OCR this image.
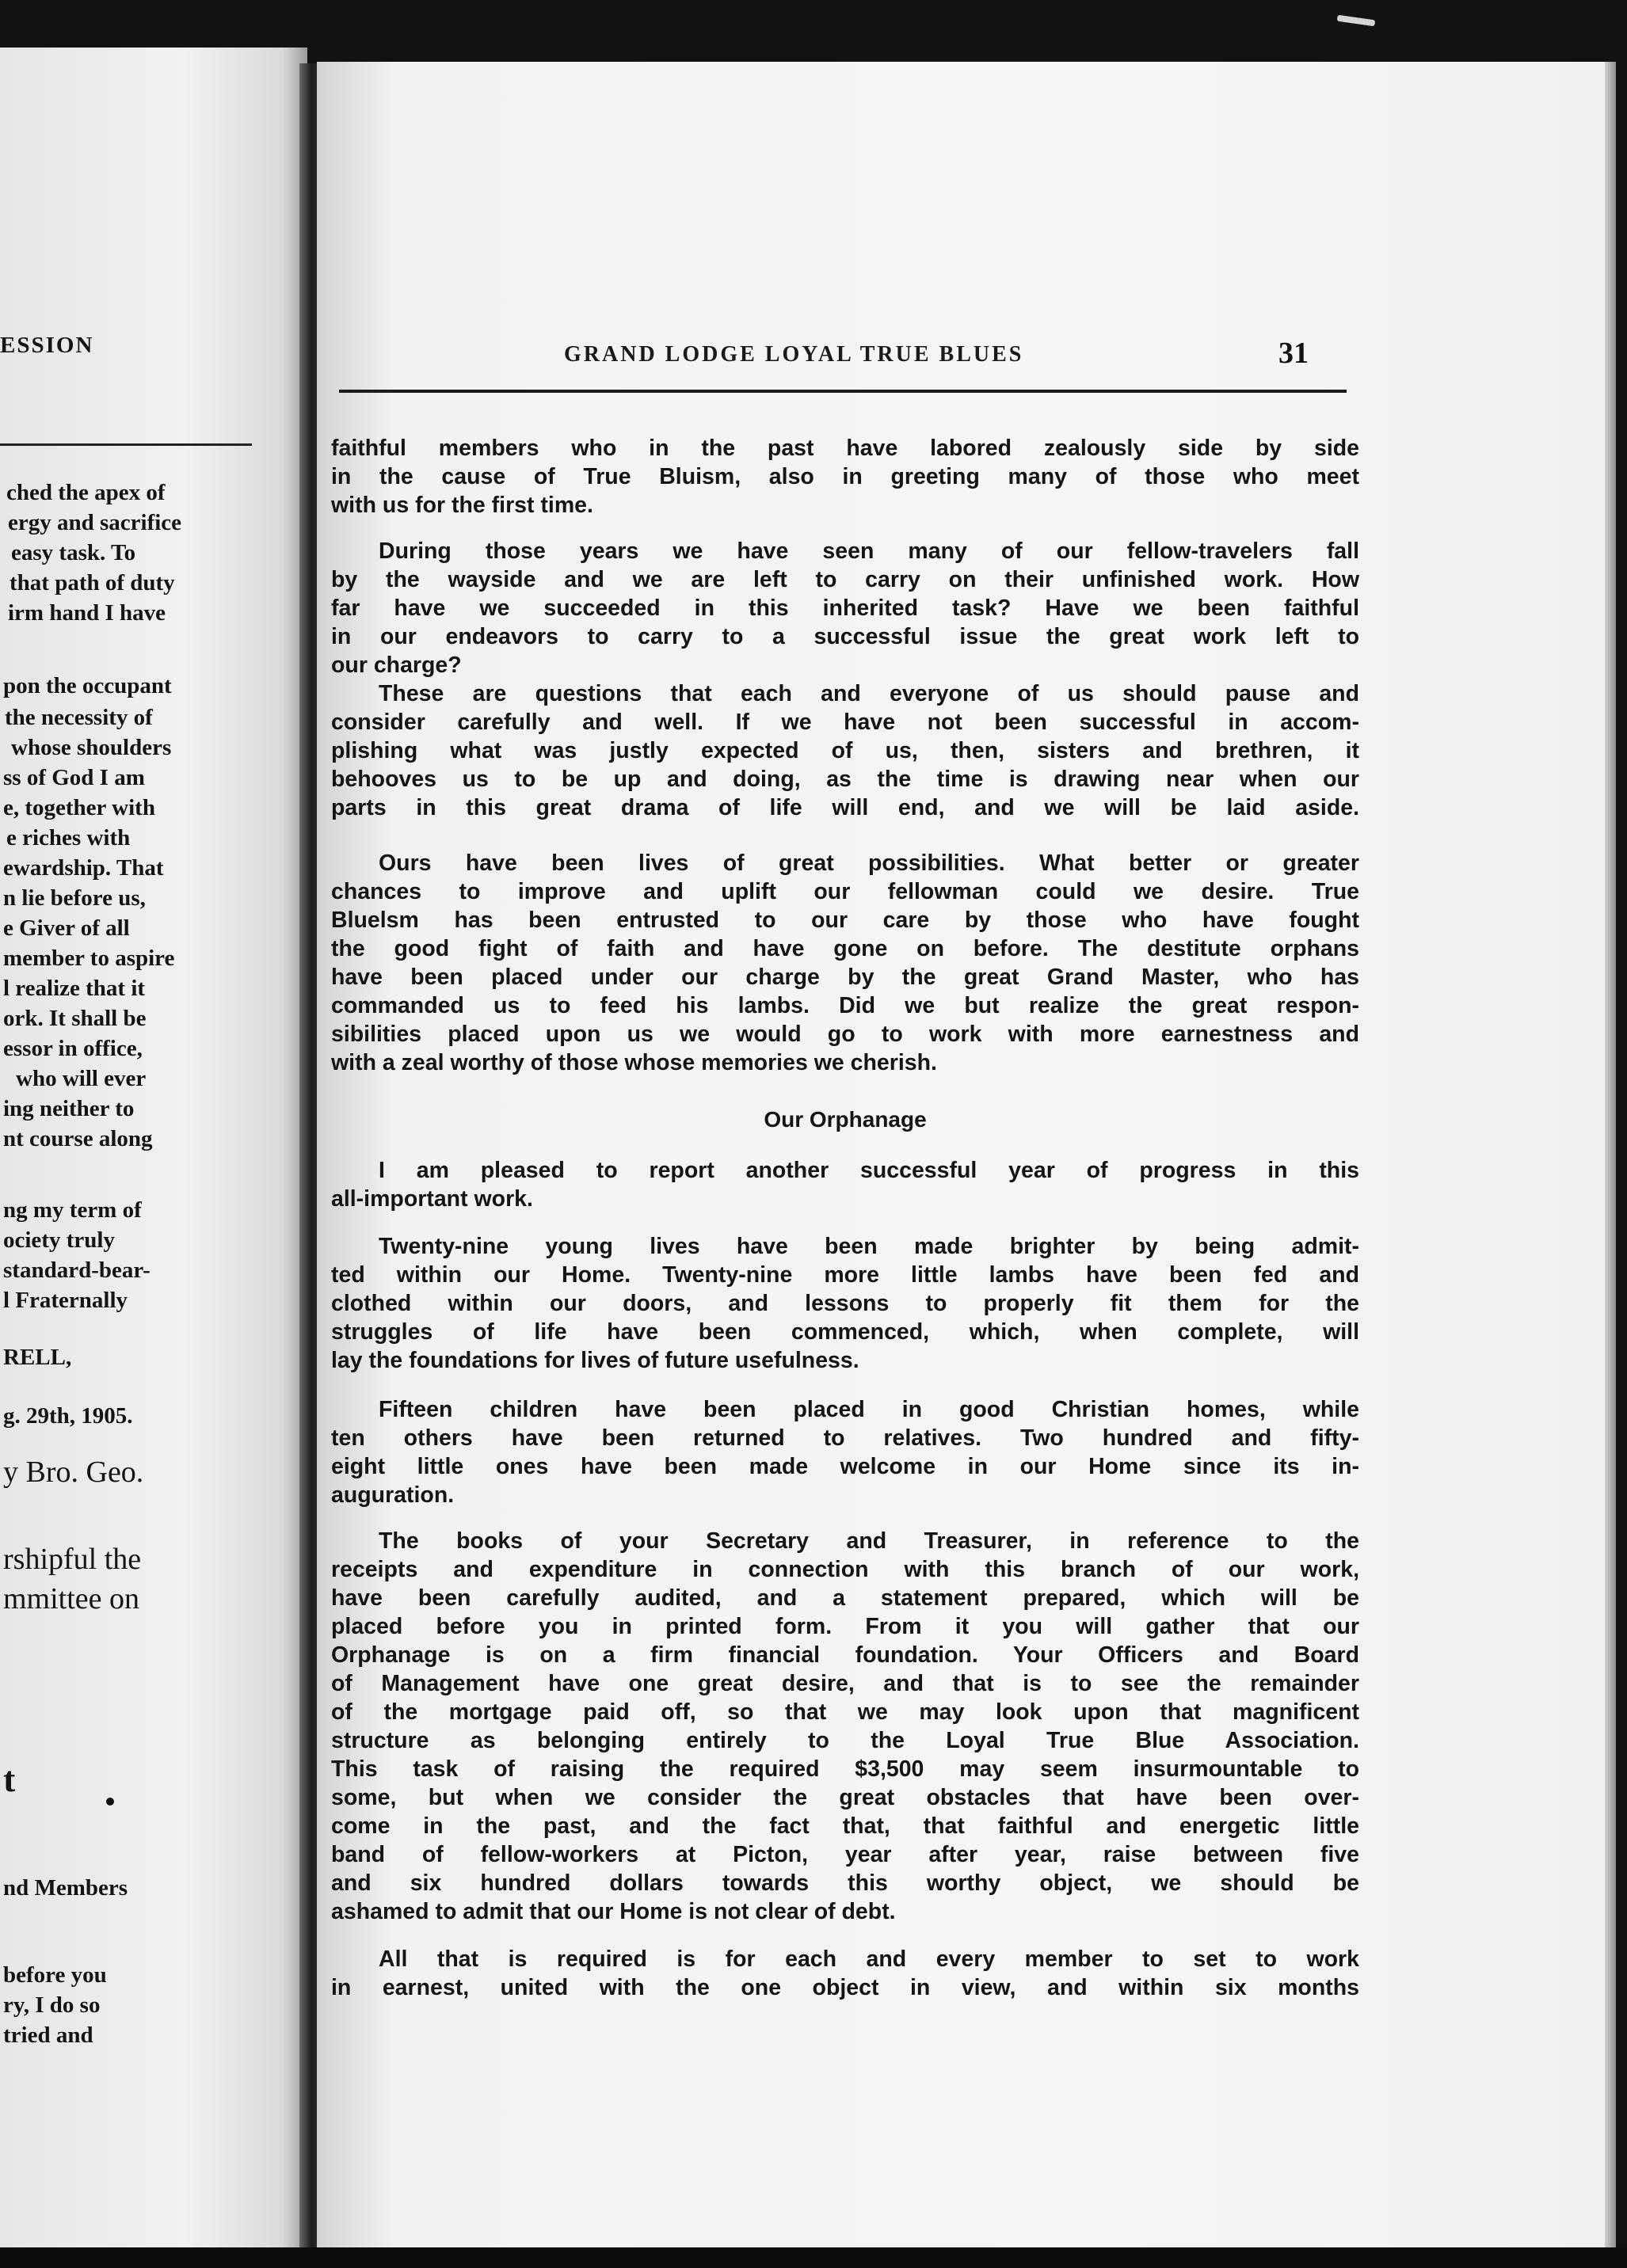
ESSION
ched the apex of
ergy and sacrifice
easy task. To
that path of duty
irm hand I have
pon the occupant
the necessity of
whose shoulders
ss of God I am
e, together with
e riches with
ewardship. That
n lie before us,
e Giver of all
member to aspire
l realize that it
ork. It shall be
essor in office,
who will ever
ing neither to
nt course along
ng my term of
ociety truly
standard-bear-
l Fraternally
RELL,
g. 29th, 1905.
y Bro. Geo.
rshipful the
mmittee on
t
nd Members
before you
ry, I do so
tried and
GRAND LODGE LOYAL TRUE BLUES	31
faithful members who in the past have labored zealously side by side
in the cause of True Bluism, also in greeting many of those who meet
with us for the first time.
During those years we have seen many of our fellow-travelers fall
by the wayside and we are left to carry on their unfinished work. How
far have we succeeded in this inherited task? Have we been faithful
in our endeavors to carry to a successful issue the great work left to
our charge?
These are questions that each and everyone of us should pause and
consider carefully and well. If we have not been successful in accom-
plishing what was justly expected of us, then, sisters and brethren, it
behooves us to be up and doing, as the time is drawing near when our
parts in this great drama of life will end, and we will be laid aside.
Ours have been lives of great possibilities. What better or greater
chances to improve and uplift our fellowman could we desire. True
Bluelsm has been entrusted to our care by those who have fought
the good fight of faith and have gone on before. The destitute orphans
have been placed under our charge by the great Grand Master, who has
commanded us to feed his lambs. Did we but realize the great respon-
sibilities placed upon us we would go to work with more earnestness and
with a zeal worthy of those whose memories we cherish.
Our Orphanage
I am pleased to report another successful year of progress in this
all-important work.
Twenty-nine young lives have been made brighter by being admit-
ted within our Home. Twenty-nine more little lambs have been fed and
clothed within our doors, and lessons to properly fit them for the
struggles of life have been commenced, which, when complete, will
lay the foundations for lives of future usefulness.
Fifteen children have been placed in good Christian homes, while
ten others have been returned to relatives. Two hundred and fifty-
eight little ones have been made welcome in our Home since its in-
auguration.
The books of your Secretary and Treasurer, in reference to the
receipts and expenditure in connection with this branch of our work,
have been carefully audited, and a statement prepared, which will be
placed before you in printed form. From it you will gather that our
Orphanage is on a firm financial foundation. Your Officers and Board
of Management have one great desire, and that is to see the remainder
of the mortgage paid off, so that we may look upon that magnificent
structure as belonging entirely to the Loyal True Blue Association.
This task of raising the required $3,500 may seem insurmountable to
some, but when we consider the great obstacles that have been over-
come in the past, and the fact that, that faithful and energetic little
band of fellow-workers at Picton, year after year, raise between five
and six hundred dollars towards this worthy object, we should be
ashamed to admit that our Home is not clear of debt.
All that is required is for each and every member to set to work
in earnest, united with the one object in view, and within six months
